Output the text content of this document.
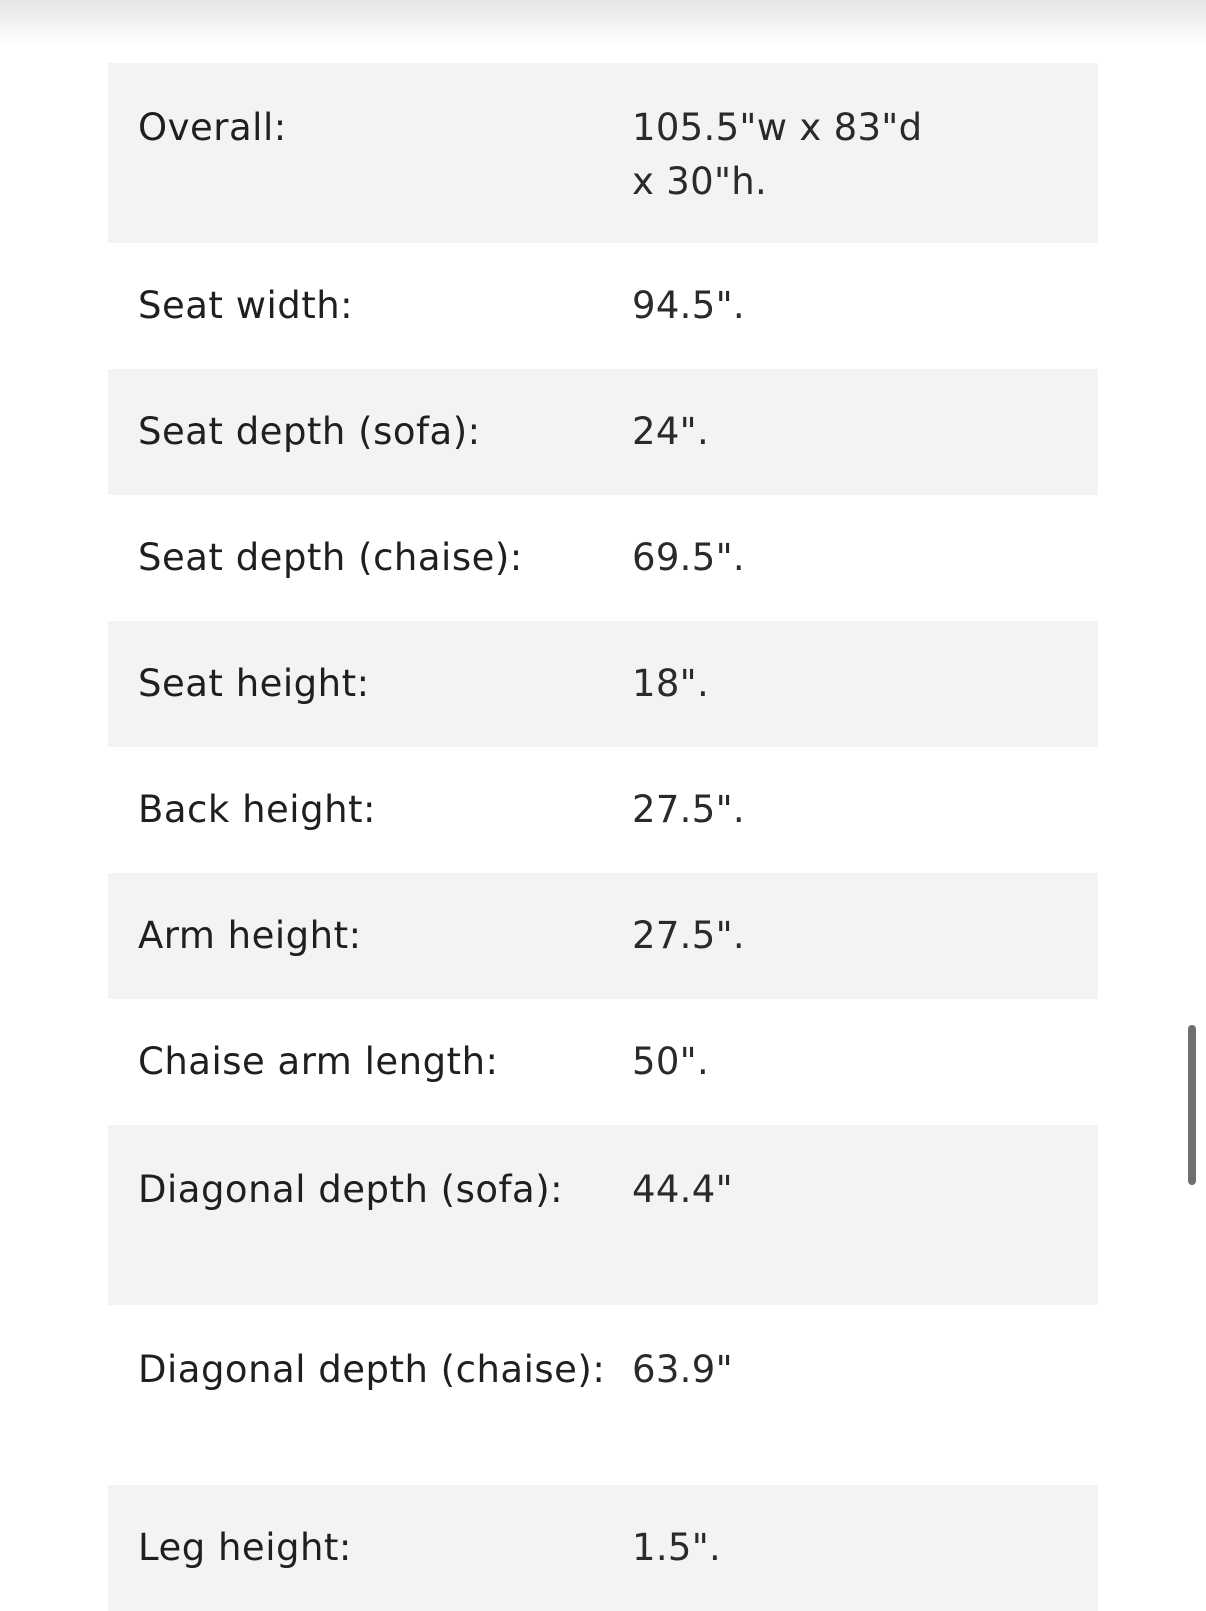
Overall:	105.5"w x 83"d x 30"h.
Seat width:	94.5".
Seat depth (sofa):	24".
Seat depth (chaise):	69.5".
Seat height:	18".
Back height:	27.5".
Arm height:	27.5".
Chaise arm length:	50".
Diagonal depth (sofa):	44.4"
Diagonal depth (chaise): 63.9"
Leg height:	1.5".
